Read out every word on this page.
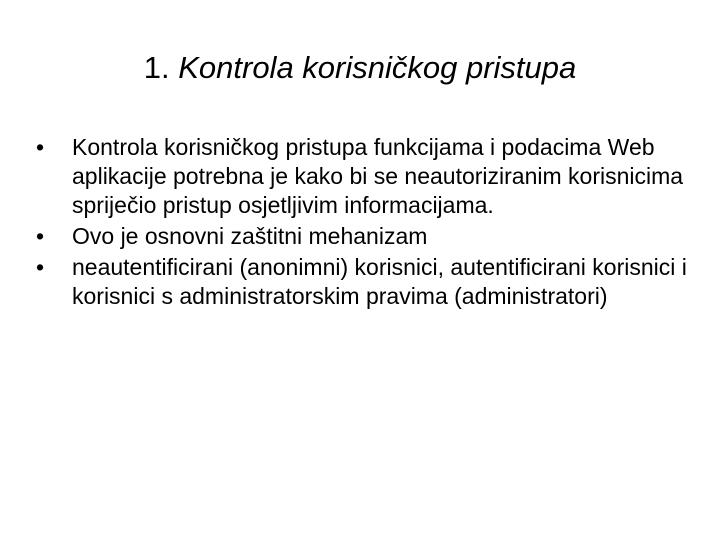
1. Kontrola korisničkog pristupa
• Kontrola korisničkog pristupa funkcijama i podacima Web aplikacije potrebna je kako bi se neautoriziranim korisnicima spriječio pristup osjetljivim informacijama.
• Ovo je osnovni zaštitni mehanizam
• neautentificirani (anonimni) korisnici, autentificirani korisnici i korisnici s administratorskim pravima (administratori)
